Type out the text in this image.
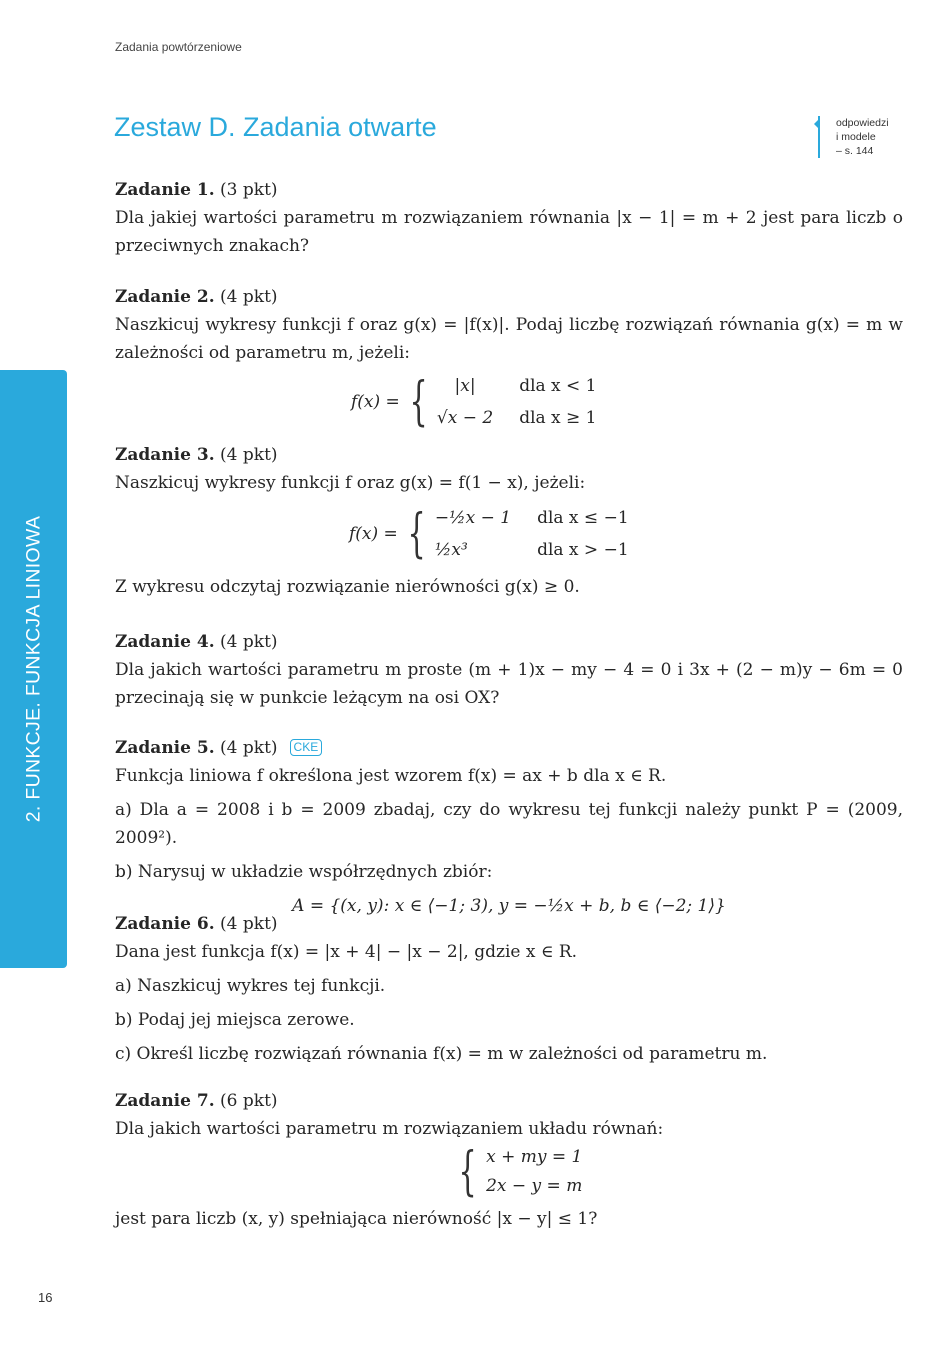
Zadania powtórzeniowe
Zestaw D. Zadania otwarte	odpowiedzi
i modele
– s. 144
2. FUNKCJE. FUNKCJA LINIOWA
Zadanie 1. (3 pkt)

Dla jakiej wartości parametru m rozwiązaniem równania |x − 1| = m + 2 jest para liczb o przeciwnych znakach?

Zadanie 2. (4 pkt)

Naszkicuj wykresy funkcji f oraz g(x) = |f(x)|. Podaj liczbę rozwiązań równania g(x) = m w zależności od parametru m, jeżeli:

f(x) = {	|x|	dla x < 1
√x − 2 dla x ≥ 1
Zadanie 3. (4 pkt)

Naszkicuj wykresy funkcji f oraz g(x) = f(1 − x), jeżeli:

f(x) = { −½x − 1 dla x ≤ −1
½x³	dla x > −1

Z wykresu odczytaj rozwiązanie nierówności g(x) ≥ 0.

Zadanie 4. (4 pkt)

Dla jakich wartości parametru m proste (m + 1)x − my − 4 = 0 i 3x + (2 − m)y − 6m = 0 przecinają się w punkcie leżącym na osi OX?

Zadanie 5. (4 pkt) CKE

Funkcja liniowa f określona jest wzorem f(x) = ax + b dla x ∈ R.

a) Dla a = 2008 i b = 2009 zbadaj, czy do wykresu tej funkcji należy punkt P = (2009, 2009²).

b) Narysuj w układzie współrzędnych zbiór:

A = {(x, y): x ∈ ⟨−1; 3), y = −½x + b, b ∈ ⟨−2; 1⟩}
Zadanie 6. (4 pkt)

Dana jest funkcja f(x) = |x + 4| − |x − 2|, gdzie x ∈ R.

a) Naszkicuj wykres tej funkcji.

b) Podaj jej miejsca zerowe.

c) Określ liczbę rozwiązań równania f(x) = m w zależności od parametru m.

Zadanie 7. (6 pkt)

Dla jakich wartości parametru m rozwiązaniem układu równań:

{ x + my = 1
2x − y = m

jest para liczb (x, y) spełniająca nierówność |x − y| ≤ 1?

16
